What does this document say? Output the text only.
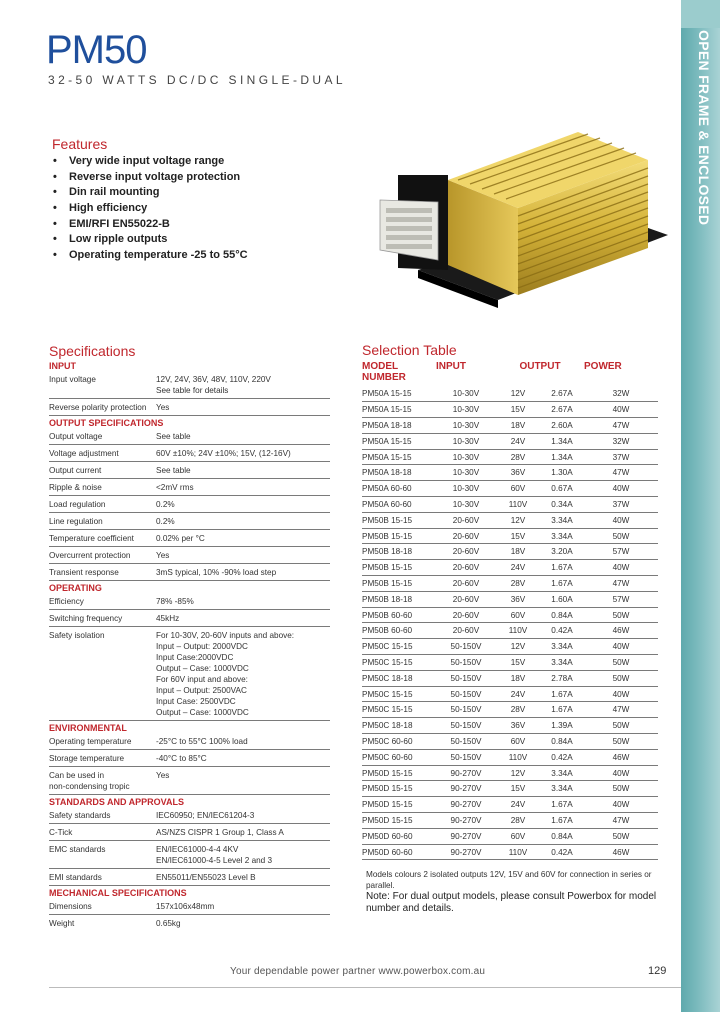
OPEN FRAME & ENCLOSED
PM50
32-50 WATTS DC/DC SINGLE-DUAL
Features
• Very wide input voltage range
• Reverse input voltage protection
• Din rail mounting
• High efficiency
• EMI/RFI EN55022-B
• Low ripple outputs
• Operating temperature -25 to 55°C
Specifications
INPUT
Input voltage	12V, 24V, 36V, 48V, 110V, 220V
See table for details
Reverse polarity protection	Yes
OUTPUT SPECIFICATIONS
Output voltage	See table
Voltage adjustment	60V ±10%; 24V ±10%; 15V, (12-16V)
Output current	See table
Ripple & noise	<2mV rms
Load regulation	0.2%
Line regulation	0.2%
Temperature coefficient	0.02% per °C
Overcurrent protection	Yes
Transient response	3mS typical, 10% -90% load step
OPERATING
Efficiency	78% -85%
Switching frequency	45kHz
Safety isolation	For 10-30V, 20-60V inputs and above:
Input – Output: 2000VDC
Input Case:2000VDC
Output – Case: 1000VDC
For 60V input and above:
Input – Output: 2500VAC
Input Case: 2500VDC
Output – Case: 1000VDC
ENVIRONMENTAL
Operating temperature	-25°C to 55°C 100% load
Storage temperature	-40°C to 85°C
Can be used in
non-condensing tropic
Yes
STANDARDS AND APPROVALS
Safety standards	IEC60950; EN/IEC61204-3
C-Tick	AS/NZS CISPR 1 Group 1, Class A
EMC standards	EN/IEC61000-4-4 4KV
EN/IEC61000-4-5 Level 2 and 3
EMI standards	EN55011/EN55023 Level B
MECHANICAL SPECIFICATIONS
Dimensions	157x106x48mm
Weight	0.65kg
Selection Table
MODEL NUMBER	INPUT	OUTPUT		POWER
PM50A 15-15	10-30V	12V	2.67A	32W
PM50A 15-15	10-30V	15V	2.67A	40W
PM50A 18-18	10-30V	18V	2.60A	47W
PM50A 15-15	10-30V	24V	1.34A	32W
PM50A 15-15	10-30V	28V	1.34A	37W
PM50A 18-18	10-30V	36V	1.30A	47W
PM50A 60-60	10-30V	60V	0.67A	40W
PM50A 60-60	10-30V	110V	0.34A	37W
PM50B 15-15	20-60V	12V	3.34A	40W
PM50B 15-15	20-60V	15V	3.34A	50W
PM50B 18-18	20-60V	18V	3.20A	57W
PM50B 15-15	20-60V	24V	1.67A	40W
PM50B 15-15	20-60V	28V	1.67A	47W
PM50B 18-18	20-60V	36V	1.60A	57W
PM50B 60-60	20-60V	60V	0.84A	50W
PM50B 60-60	20-60V	110V	0.42A	46W
PM50C 15-15	50-150V	12V	3.34A	40W
PM50C 15-15	50-150V	15V	3.34A	50W
PM50C 18-18	50-150V	18V	2.78A	50W
PM50C 15-15	50-150V	24V	1.67A	40W
PM50C 15-15	50-150V	28V	1.67A	47W
PM50C 18-18	50-150V	36V	1.39A	50W
PM50C 60-60	50-150V	60V	0.84A	50W
PM50C 60-60	50-150V	110V	0.42A	46W
PM50D 15-15	90-270V	12V	3.34A	40W
PM50D 15-15	90-270V	15V	3.34A	50W
PM50D 15-15	90-270V	24V	1.67A	40W
PM50D 15-15	90-270V	28V	1.67A	47W
PM50D 60-60	90-270V	60V	0.84A	50W
PM50D 60-60	90-270V	110V	0.42A	46W
Models colours 2 isolated outputs 12V, 15V and 60V for connection in series or parallel.
Note: For dual output models, please consult Powerbox for model number and details.
Your dependable power partner www.powerbox.com.au	129
